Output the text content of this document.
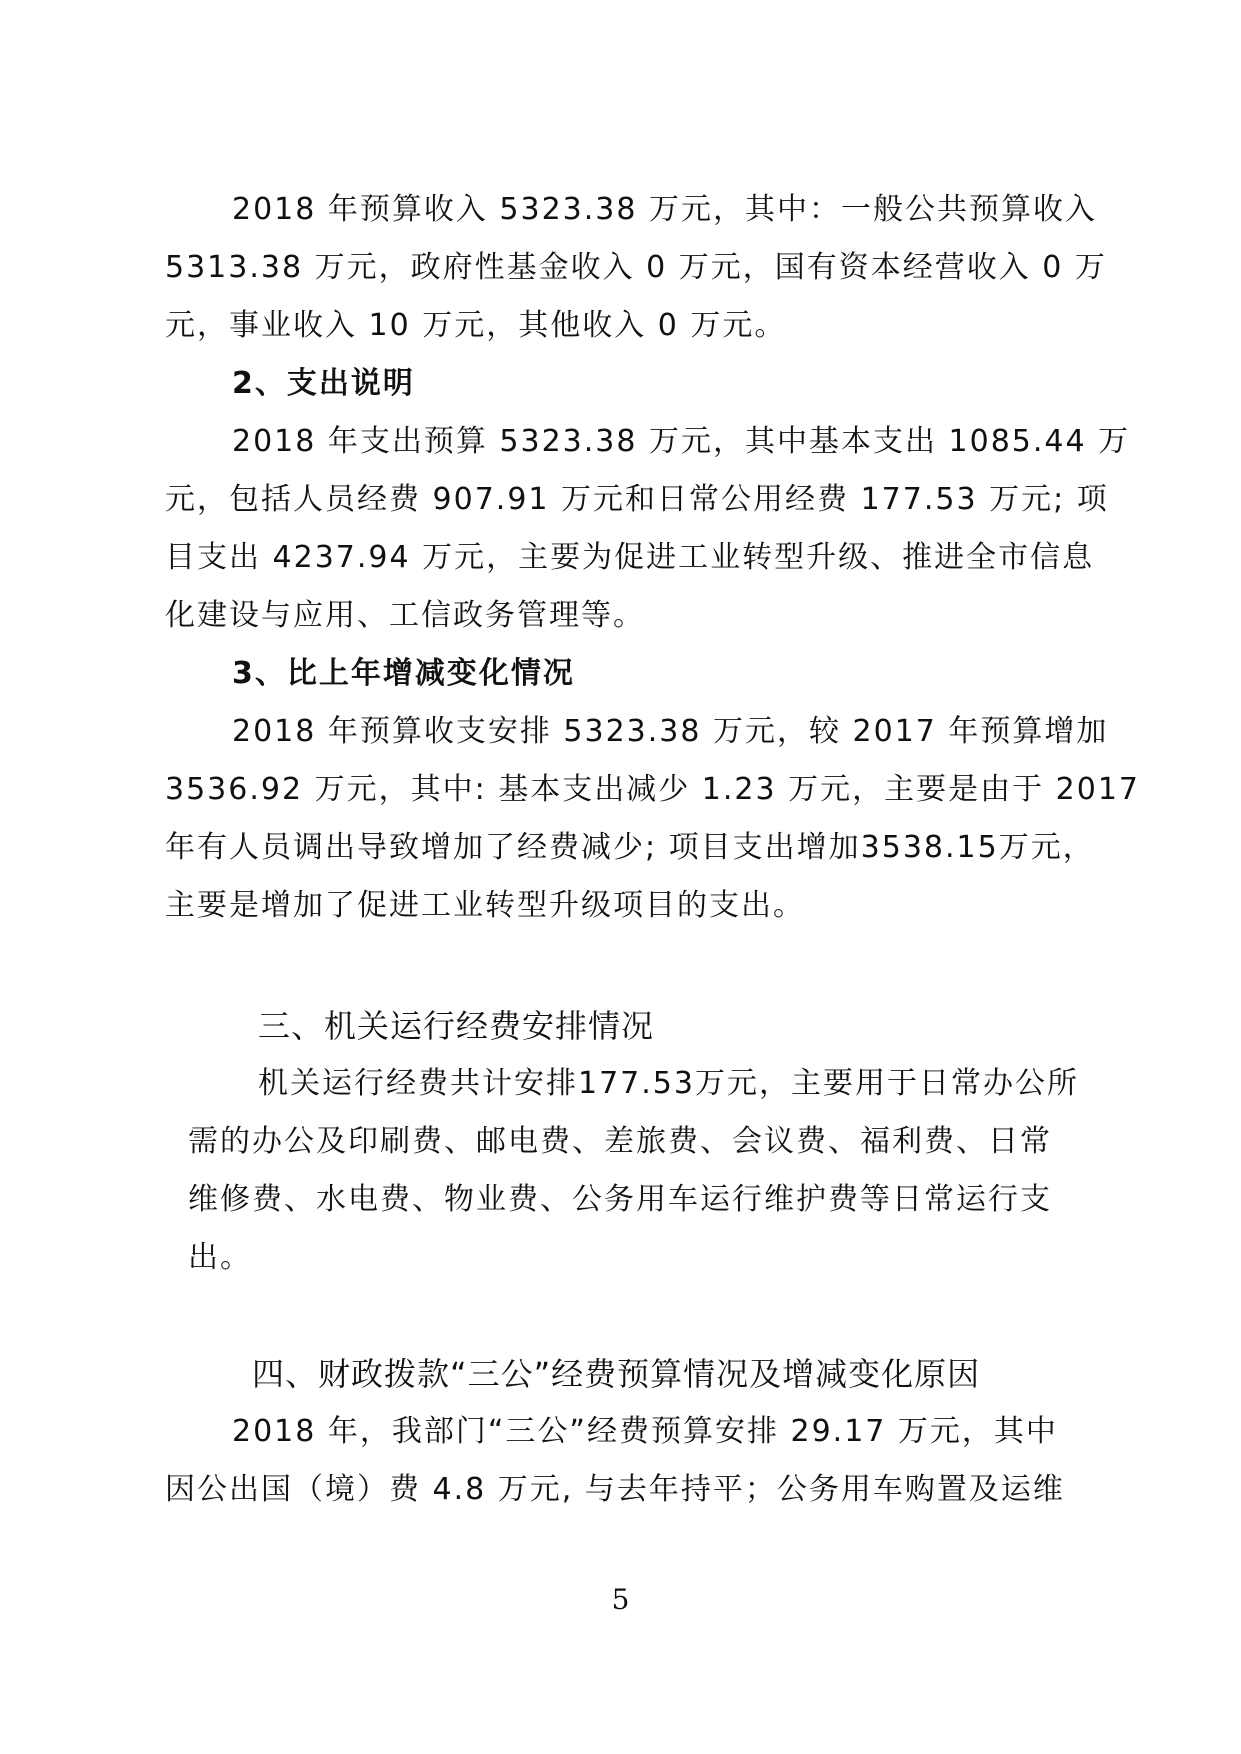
2018 年预算收入 5323.38 万元，其中：一般公共预算收入
5313.38 万元，政府性基金收入 0 万元，国有资本经营收入 0 万
元，事业收入 10 万元，其他收入 0 万元。
2、支出说明
2018 年支出预算 5323.38 万元，其中基本支出 1085.44 万
元，包括人员经费 907.91 万元和日常公用经费 177.53 万元; 项
目支出 4237.94 万元，主要为促进工业转型升级、推进全市信息
化建设与应用、工信政务管理等。
3、比上年增减变化情况
2018 年预算收支安排 5323.38 万元，较 2017 年预算增加
3536.92 万元，其中: 基本支出减少 1.23 万元，主要是由于 2017
年有人员调出导致增加了经费减少; 项目支出增加3538.15万元，
主要是增加了促进工业转型升级项目的支出。
三、机关运行经费安排情况
机关运行经费共计安排177.53万元，主要用于日常办公所
需的办公及印刷费、邮电费、差旅费、会议费、福利费、日常
维修费、水电费、物业费、公务用车运行维护费等日常运行支
出。
四、财政拨款“三公”经费预算情况及增减变化原因
2018 年，我部门“三公”经费预算安排 29.17 万元，其中
因公出国（境）费 4.8 万元, 与去年持平；公务用车购置及运维
5
